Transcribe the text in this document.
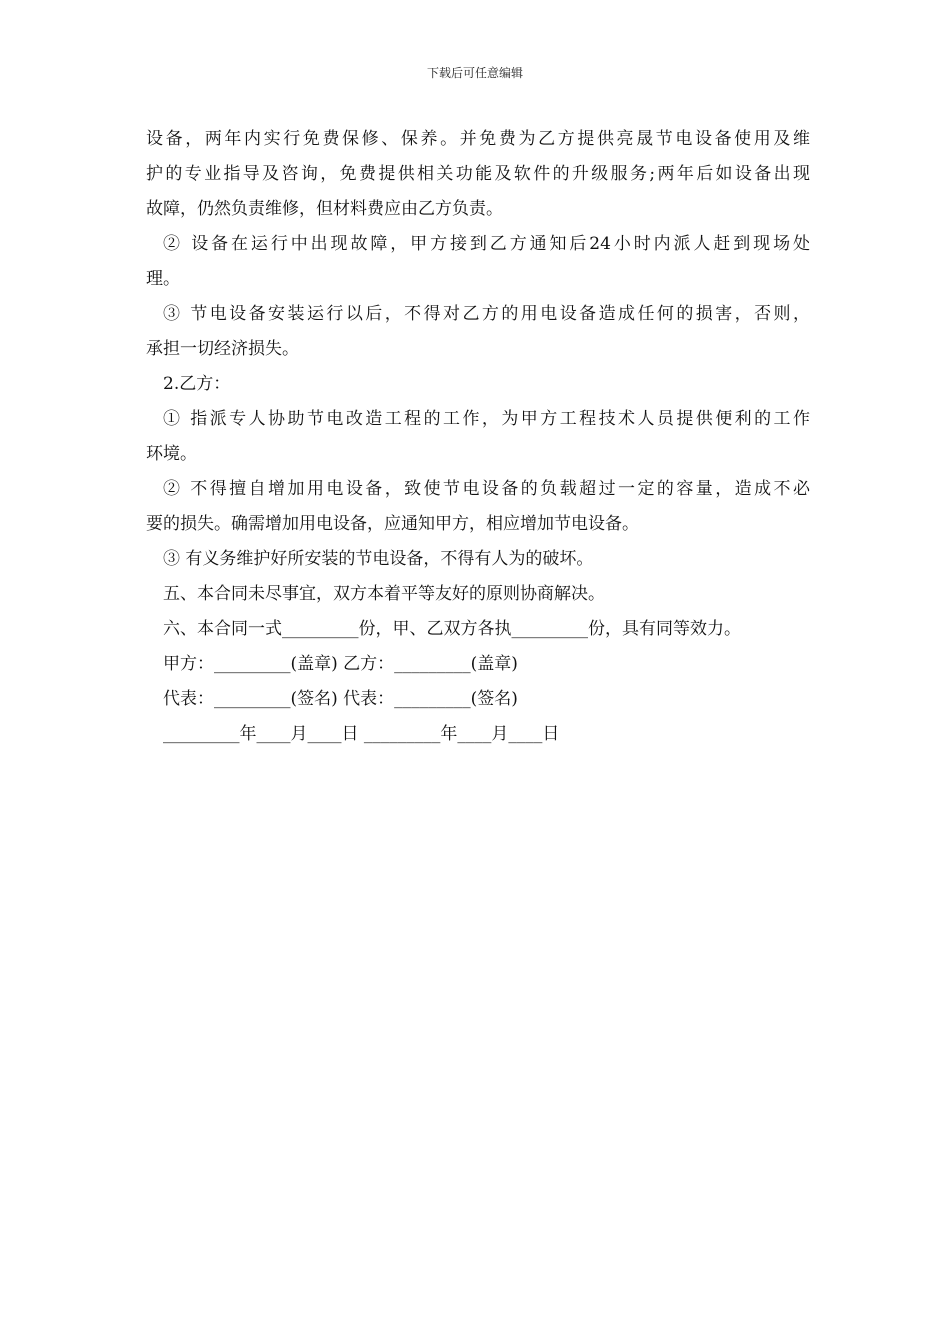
下载后可任意编辑
设备，两年内实行免费保修、保养。并免费为乙方提供亮晟节电设备使用及维
护的专业指导及咨询，免费提供相关功能及软件的升级服务;两年后如设备出现
故障，仍然负责维修，但材料费应由乙方负责。
② 设备在运行中出现故障，甲方接到乙方通知后24小时内派人赶到现场处
理。
③ 节电设备安装运行以后，不得对乙方的用电设备造成任何的损害，否则，
承担一切经济损失。
2.乙方：
① 指派专人协助节电改造工程的工作，为甲方工程技术人员提供便利的工作
环境。
② 不得擅自增加用电设备，致使节电设备的负载超过一定的容量，造成不必
要的损失。确需增加用电设备，应通知甲方，相应增加节电设备。
③ 有义务维护好所安装的节电设备，不得有人为的破坏。
五、本合同未尽事宜，双方本着平等友好的原则协商解决。
六、本合同一式_________份，甲、乙双方各执_________份，具有同等效力。
甲方：_________(盖章) 乙方：_________(盖章)
代表：_________(签名) 代表：_________(签名)
_________年____月____日 _________年____月____日
